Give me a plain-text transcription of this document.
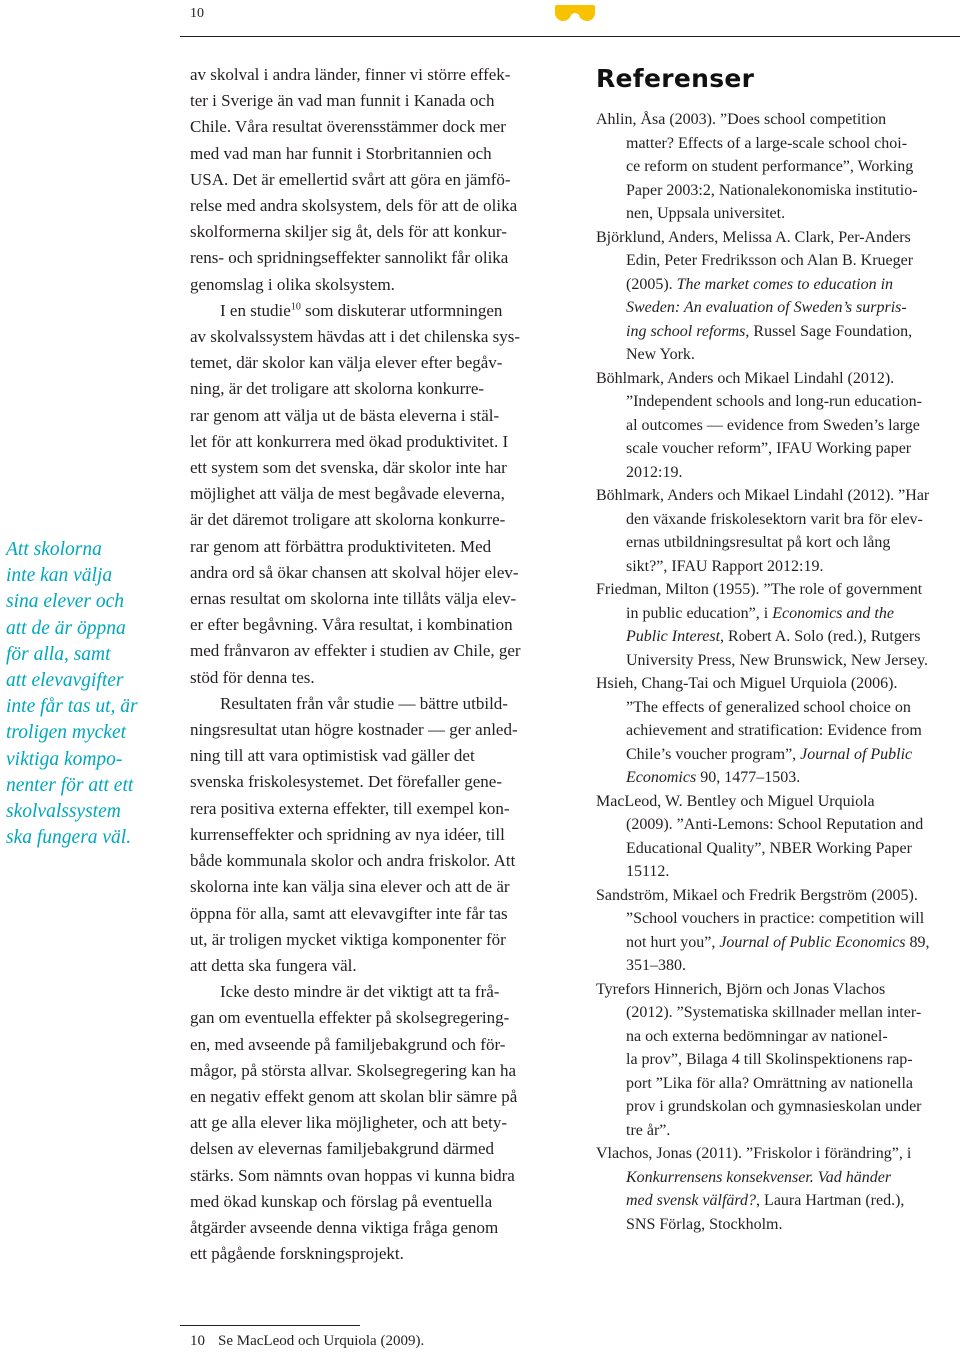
10
Att skolorna
inte kan välja
sina elever och
att de är öppna
för alla, samt
att elevavgifter
inte får tas ut, är
troligen mycket
viktiga kompo-
nenter för att ett
skolvalssystem
ska fungera väl.
av skolval i andra länder, finner vi större effek-
ter i Sverige än vad man funnit i Kanada och
Chile. Våra resultat överensstämmer dock mer
med vad man har funnit i Storbritannien och
USA. Det är emellertid svårt att göra en jämfö-
relse med andra skolsystem, dels för att de olika
skolformerna skiljer sig åt, dels för att konkur-
rens- och spridningseffekter sannolikt får olika
genomslag i olika skolsystem.
I en studie$^{10}$ som diskuterar utformningen
av skolvalssystem hävdas att i det chilenska sys-
temet, där skolor kan välja elever efter begåv-
ning, är det troligare att skolorna konkurre-
rar genom att välja ut de bästa eleverna i stäl-
let för att konkurrera med ökad produktivitet. I
ett system som det svenska, där skolor inte har
möjlighet att välja de mest begåvade eleverna,
är det däremot troligare att skolorna konkurre-
rar genom att förbättra produktiviteten. Med
andra ord så ökar chansen att skolval höjer elev-
ernas resultat om skolorna inte tillåts välja elev-
er efter begåvning. Våra resultat, i kombination
med frånvaron av effekter i studien av Chile, ger
stöd för denna tes.
Resultaten från vår studie — bättre utbild-
ningsresultat utan högre kostnader — ger anled-
ning till att vara optimistisk vad gäller det
svenska friskolesystemet. Det förefaller gene-
rera positiva externa effekter, till exempel kon-
kurrenseffekter och spridning av nya idéer, till
både kommunala skolor och andra friskolor. Att
skolorna inte kan välja sina elever och att de är
öppna för alla, samt att elevavgifter inte får tas
ut, är troligen mycket viktiga komponenter för
att detta ska fungera väl.
Icke desto mindre är det viktigt att ta frå-
gan om eventuella effekter på skolsegregering-
en, med avseende på familjebakgrund och för-
mågor, på största allvar. Skolsegregering kan ha
en negativ effekt genom att skolan blir sämre på
att ge alla elever lika möjligheter, och att bety-
delsen av elevernas familjebakgrund därmed
stärks. Som nämnts ovan hoppas vi kunna bidra
med ökad kunskap och förslag på eventuella
åtgärder avseende denna viktiga fråga genom
ett pågående forskningsprojekt.
Referenser
Ahlin, Åsa (2003). ”Does school competition
matter? Effects of a large-scale school choi-
ce reform on student performance”, Working
Paper 2003:2, Nationalekonomiska institutio-
nen, Uppsala universitet.
Björklund, Anders, Melissa A. Clark, Per-Anders
Edin, Peter Fredriksson och Alan B. Krueger
(2005). The market comes to education in
Sweden: An evaluation of Sweden’s surpris-
ing school reforms, Russel Sage Foundation,
New York.
Böhlmark, Anders och Mikael Lindahl (2012).
”Independent schools and long-run education-
al outcomes — evidence from Sweden’s large
scale voucher reform”, IFAU Working paper
2012:19.
Böhlmark, Anders och Mikael Lindahl (2012). ”Har
den växande friskolesektorn varit bra för elev-
ernas utbildningsresultat på kort och lång
sikt?”, IFAU Rapport 2012:19.
Friedman, Milton (1955). ”The role of government
in public education”, i Economics and the
Public Interest, Robert A. Solo (red.), Rutgers
University Press, New Brunswick, New Jersey.
Hsieh, Chang-Tai och Miguel Urquiola (2006).
”The effects of generalized school choice on
achievement and stratification: Evidence from
Chile’s voucher program”, Journal of Public
Economics 90, 1477–1503.
MacLeod, W. Bentley och Miguel Urquiola
(2009). ”Anti-Lemons: School Reputation and
Educational Quality”, NBER Working Paper
15112.
Sandström, Mikael och Fredrik Bergström (2005).
”School vouchers in practice: competition will
not hurt you”, Journal of Public Economics 89,
351–380.
Tyrefors Hinnerich, Björn och Jonas Vlachos
(2012). ”Systematiska skillnader mellan inter-
na och externa bedömningar av nationel-
la prov”, Bilaga 4 till Skolinspektionens rap-
port ”Lika för alla? Omrättning av nationella
prov i grundskolan och gymnasieskolan under
tre år”.
Vlachos, Jonas (2011). ”Friskolor i förändring”, i
Konkurrensens konsekvenser. Vad händer
med svensk välfärd?, Laura Hartman (red.),
SNS Förlag, Stockholm.
10 Se MacLeod och Urquiola (2009).
